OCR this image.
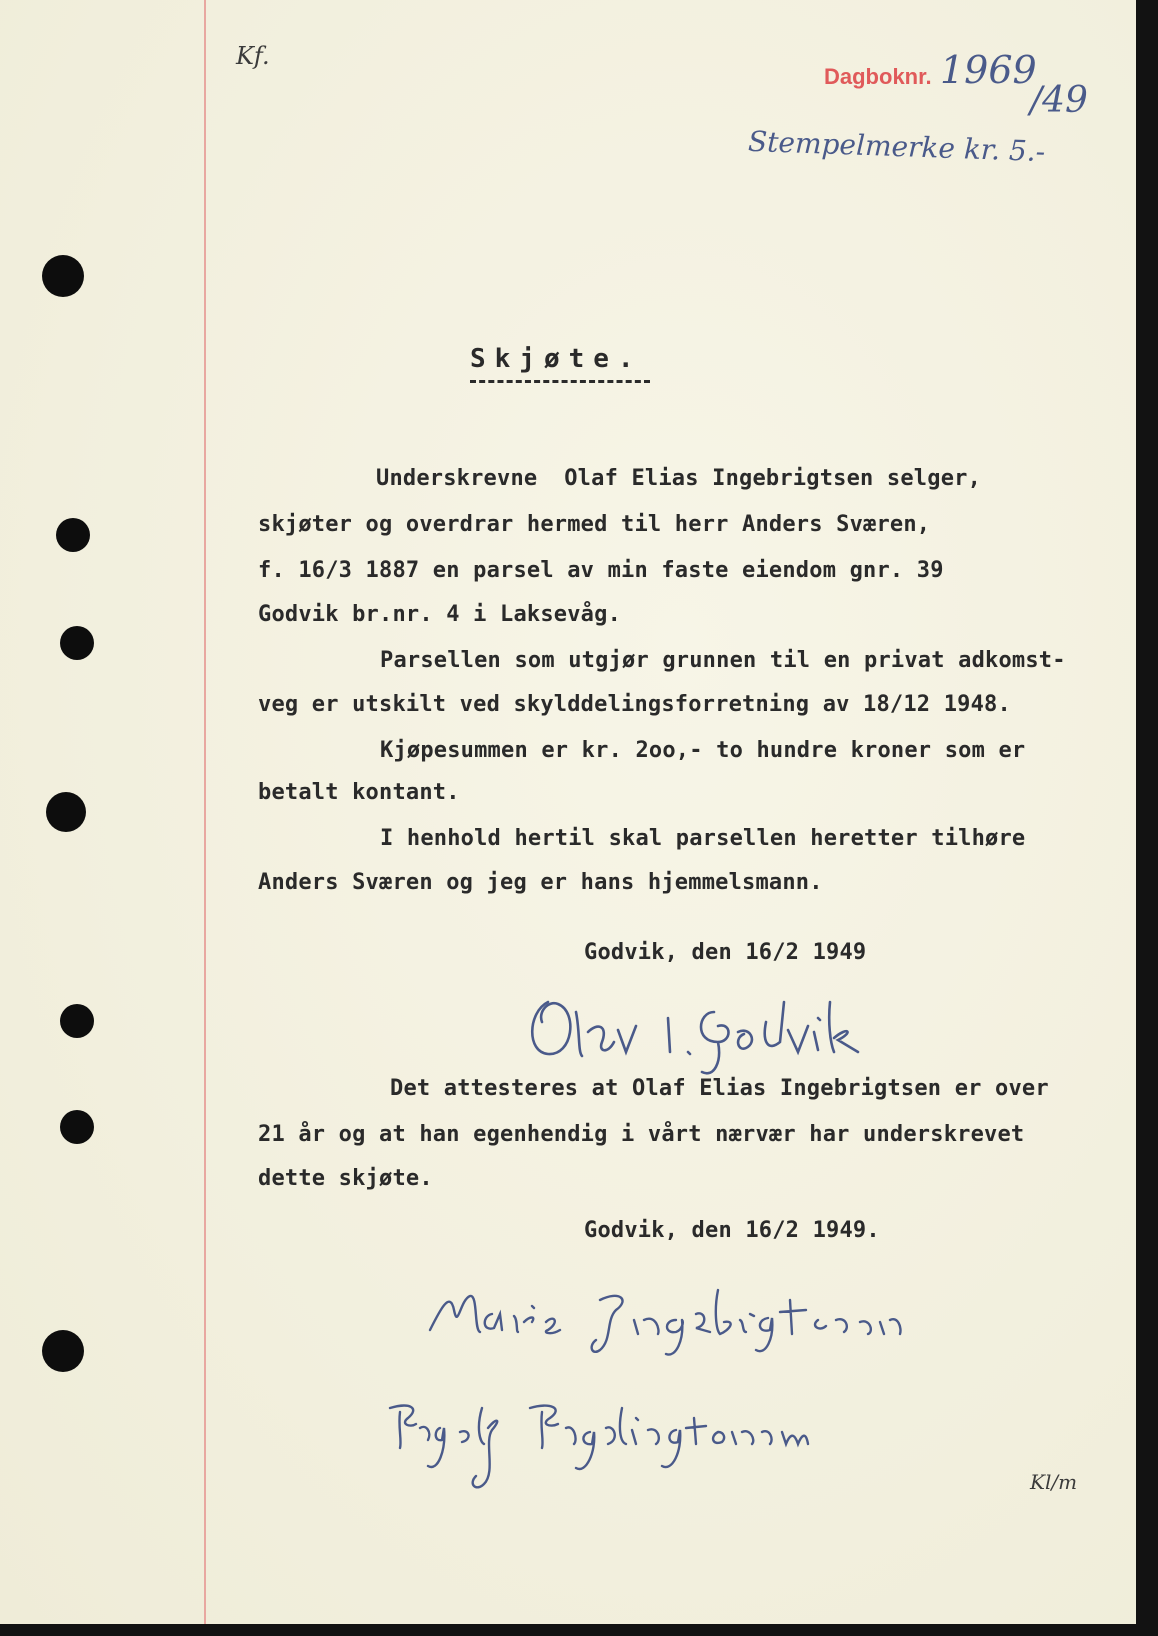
Kf.
Dagboknr. 1969
/49
Stempelmerke kr. 5.-
Skjøte.
Underskrevne  Olaf Elias Ingebrigtsen selger,
skjøter og overdrar hermed til herr Anders Sværen,
f. 16/3 1887 en parsel av min faste eiendom gnr. 39
Godvik br.nr. 4 i Laksevåg.
Parsellen som utgjør grunnen til en privat adkomst-
veg er utskilt ved skylddelingsforretning av 18/12 1948.
Kjøpesummen er kr. 2oo,- to hundre kroner som er
betalt kontant.
I henhold hertil skal parsellen heretter tilhøre
Anders Sværen og jeg er hans hjemmelsmann.
Godvik, den 16/2 1949
Det attesteres at Olaf Elias Ingebrigtsen er over
21 år og at han egenhendig i vårt nærvær har underskrevet
dette skjøte.
Godvik, den 16/2 1949.
Kl/m
